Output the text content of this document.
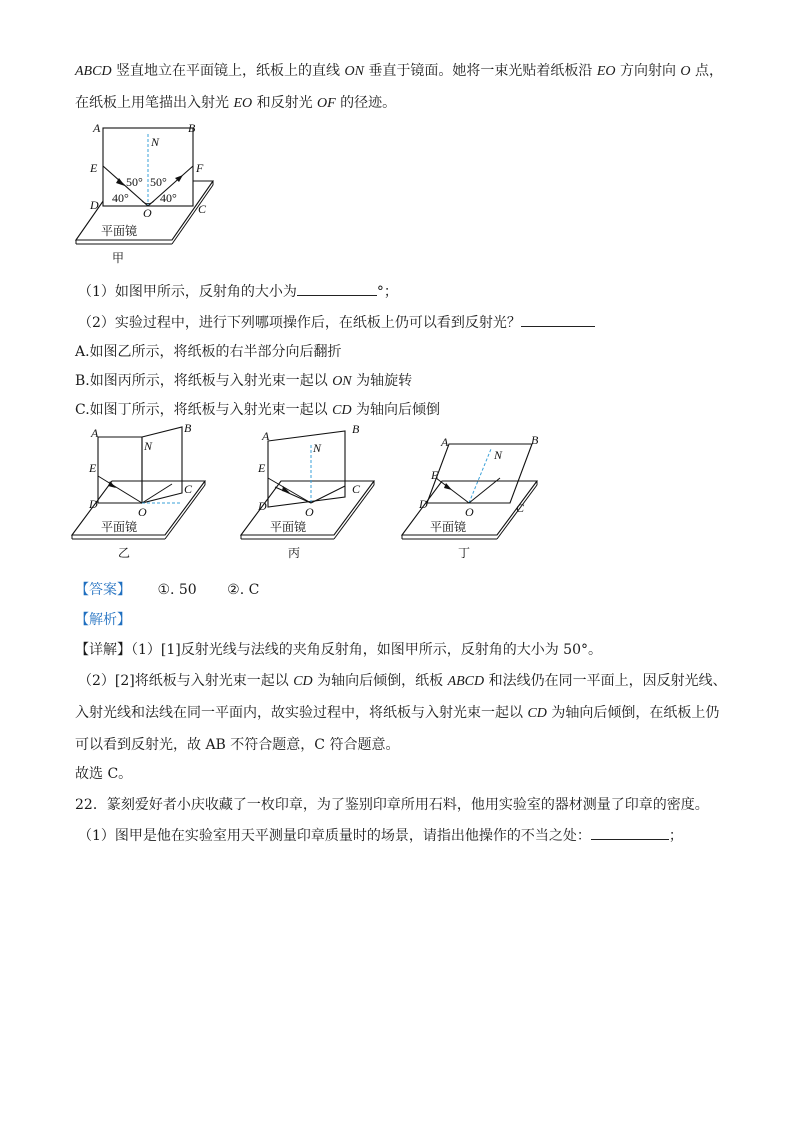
ABCD 竖直地立在平面镜上，纸板上的直线 ON 垂直于镜面。她将一束光贴着纸板沿 EO 方向射向 O 点，
在纸板上用笔描出入射光 EO 和反射光 OF 的径迹。
A	B
N
E	F
D
O	C
50° 50°
40°	40°
平面镜
甲
（1）如图甲所示，反射角的大小为	°；
（2）实验过程中，进行下列哪项操作后，在纸板上仍可以看到反射光？
A.如图乙所示，将纸板的右半部分向后翻折
B.如图丙所示，将纸板与入射光束一起以 ON 为轴旋转
C.如图丁所示，将纸板与入射光束一起以 CD 为轴向后倾倒
A	B
N
E
D
O
C
平面镜
乙
A	B
N
E
D	O
C
平面镜
丙
A	B
N
E
D
O	C
平面镜
丁
【答案】 ①. 50 ②. C
【解析】
【详解】（1）[1]反射光线与法线的夹角反射角，如图甲所示，反射角的大小为 50°。
（2）[2]将纸板与入射光束一起以 CD 为轴向后倾倒，纸板 ABCD 和法线仍在同一平面上，因反射光线、
入射光线和法线在同一平面内，故实验过程中，将纸板与入射光束一起以 CD 为轴向后倾倒，在纸板上仍
可以看到反射光，故 AB 不符合题意，C 符合题意。
故选 C。
22．篆刻爱好者小庆收藏了一枚印章，为了鉴别印章所用石料，他用实验室的器材测量了印章的密度。
（1）图甲是他在实验室用天平测量印章质量时的场景，请指出他操作的不当之处：	；
